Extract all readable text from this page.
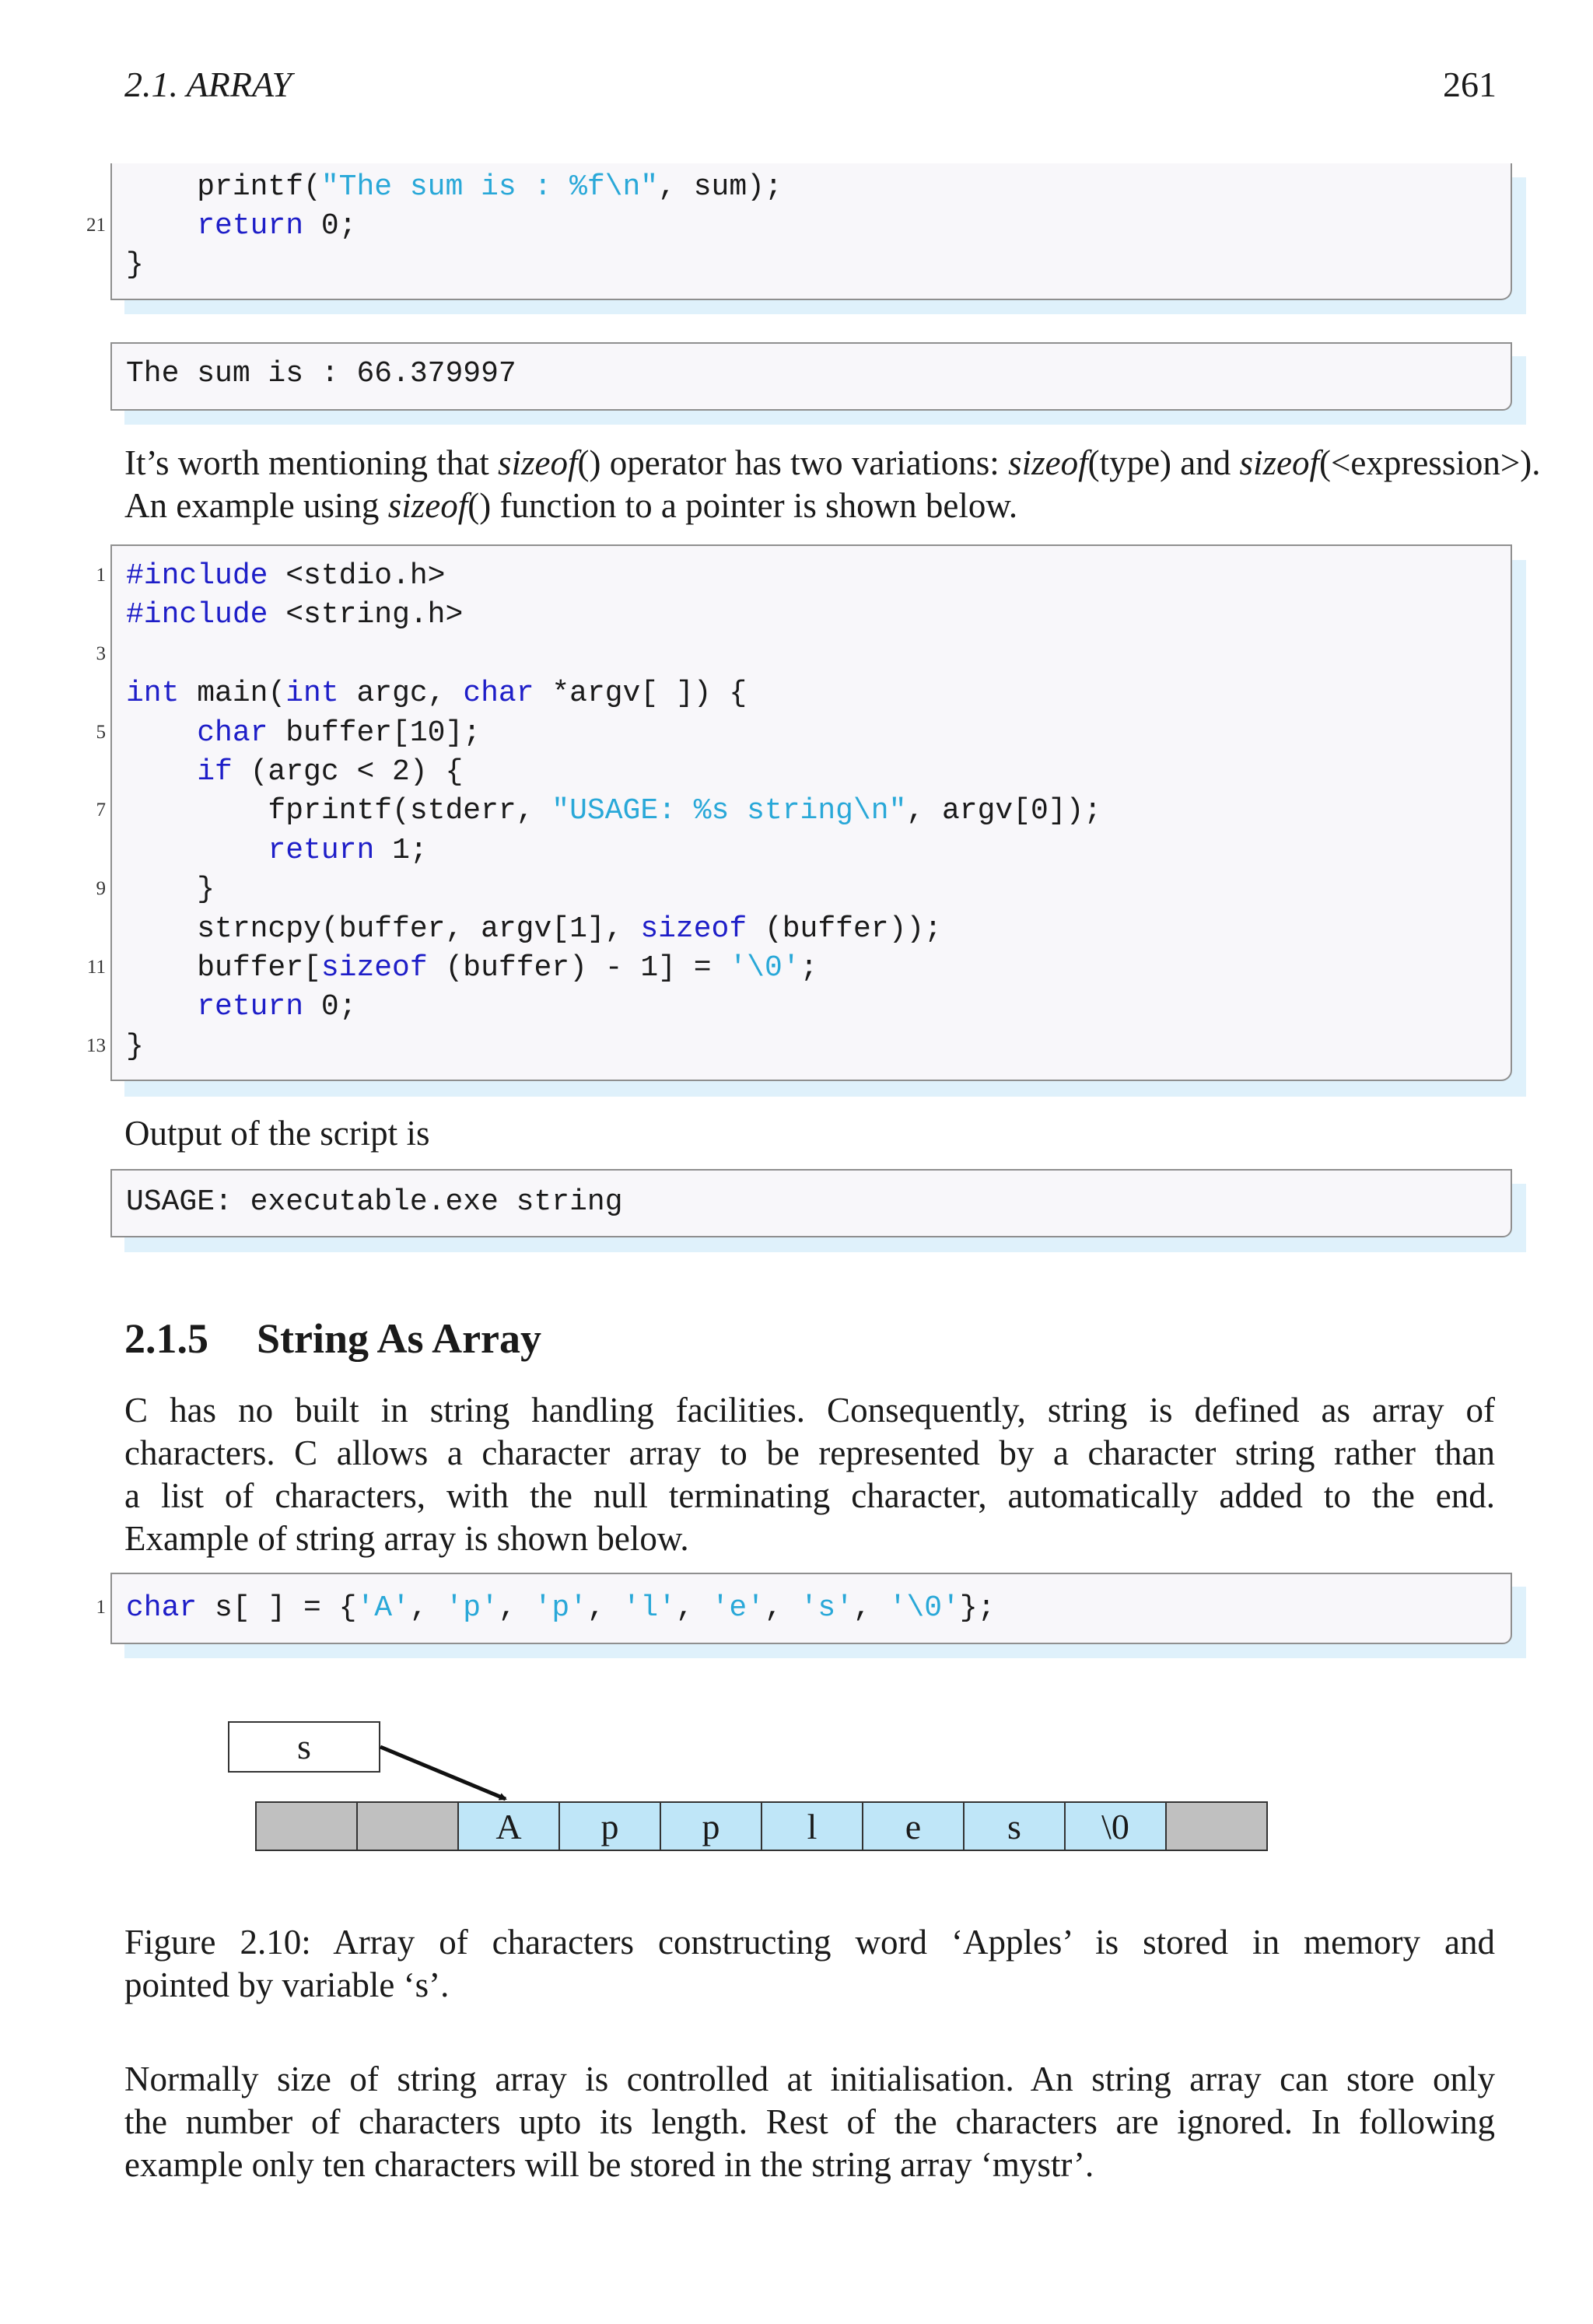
2.1. ARRAY	261
printf("The sum is : %f\n", sum);
21	return 0;
}
The sum is : 66.379997
It’s worth mentioning that sizeof() operator has two variations: sizeof(type) and sizeof(<expression>).
An example using sizeof() function to a pointer is shown below.
1 #include <stdio.h>
#include <string.h>
3
int main(int argc, char *argv[ ]) {
5	char buffer[10];
if (argc < 2) {
7 fprintf(stderr, "USAGE: %s string\n", argv[0]);
return 1;
9 }
strncpy(buffer, argv[1], sizeof (buffer));
11 buffer[sizeof (buffer) - 1] = '\0';
return 0;
13 }
Output of the script is
USAGE: executable.exe string
2.1.5 String As Array
C has no built in string handling facilities. Consequently, string is defined as array of
characters. C allows a character array to be represented by a character string rather than
a list of characters, with the null terminating character, automatically added to the end.
Example of string array is shown below.
1 char s[ ] = {'A', 'p', 'p', 'l', 'e', 's', '\0'};
s
A	p	p	l	e	s	\0
Figure 2.10: Array of characters constructing word ‘Apples’ is stored in memory and
pointed by variable ‘s’.
Normally size of string array is controlled at initialisation. An string array can store only
the number of characters upto its length. Rest of the characters are ignored. In following
example only ten characters will be stored in the string array ‘mystr’.
